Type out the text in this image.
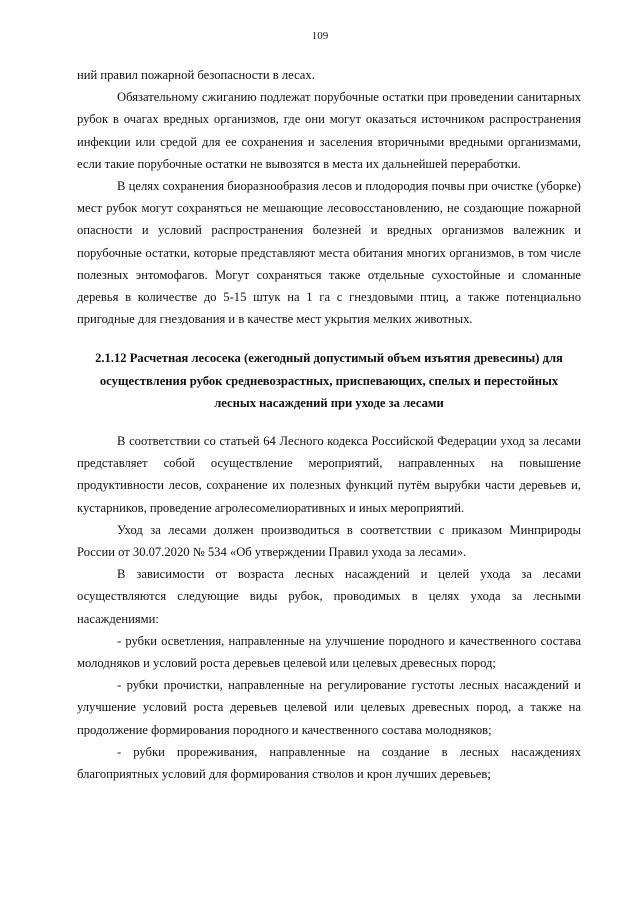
109

ний правил пожарной безопасности в лесах.

Обязательному сжиганию подлежат порубочные остатки при проведении санитарных рубок в очагах вредных организмов, где они могут оказаться источником распространения инфекции или средой для ее сохранения и заселения вторичными вредными организмами, если такие порубочные остатки не вывозятся в места их дальнейшей переработки.

В целях сохранения биоразнообразия лесов и плодородия почвы при очистке (уборке) мест рубок могут сохраняться не мешающие лесовосстановлению, не создающие пожарной опасности и условий распространения болезней и вредных организмов валежник и порубочные остатки, которые представляют места обитания многих организмов, в том числе полезных энтомофагов. Могут сохраняться также отдельные сухостойные и сломанные деревья в количестве до 5-15 штук на 1 га с гнездовыми птиц, а также потенциально пригодные для гнездования и в качестве мест укрытия мелких животных.

2.1.12 Расчетная лесосека (ежегодный допустимый объем изъятия древесины) для
осуществления рубок средневозрастных, приспевающих, спелых и перестойных
лесных насаждений при уходе за лесами

В соответствии со статьей 64 Лесного кодекса Российской Федерации уход за лесами представляет собой осуществление мероприятий, направленных на повышение продуктивности лесов, сохранение их полезных функций путём вырубки части деревьев и, кустарников, проведение агролесомелиоративных и иных мероприятий.

Уход за лесами должен производиться в соответствии с приказом Минприроды России от 30.07.2020 № 534 «Об утверждении Правил ухода за лесами».

В зависимости от возраста лесных насаждений и целей ухода за лесами осуществляются следующие виды рубок, проводимых в целях ухода за лесными насаждениями:

- рубки осветления, направленные на улучшение породного и качественного состава молодняков и условий роста деревьев целевой или целевых древесных пород;

- рубки прочистки, направленные на регулирование густоты лесных насаждений и улучшение условий роста деревьев целевой или целевых древесных пород, а также на продолжение формирования породного и качественного состава молодняков;

- рубки прореживания, направленные на создание в лесных насаждениях благоприятных условий для формирования стволов и крон лучших деревьев;
